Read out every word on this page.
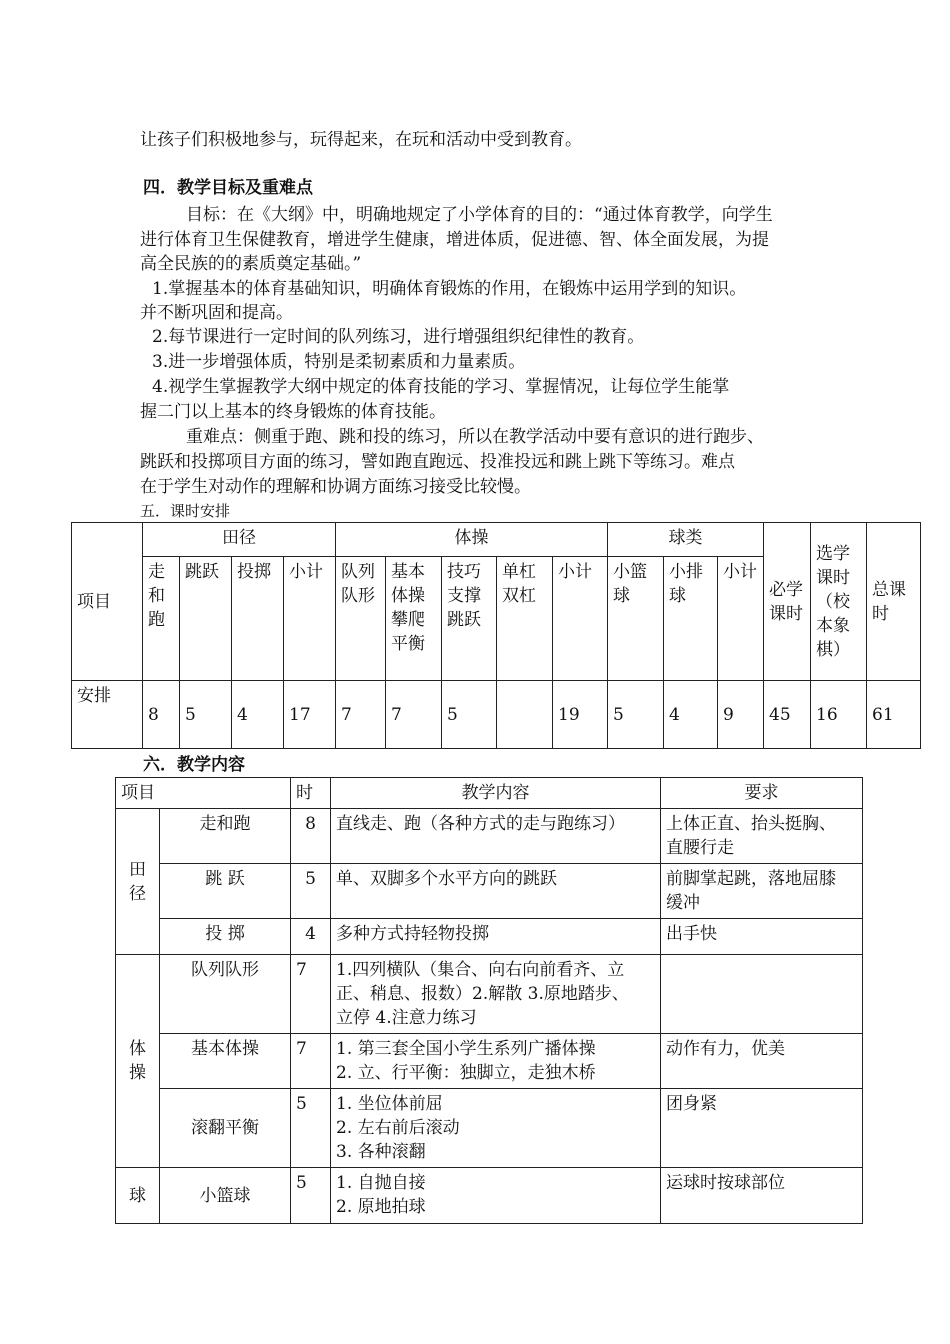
让孩子们积极地参与，玩得起来，在玩和活动中受到教育。

四．教学目标及重难点

目标：在《大纲》中，明确地规定了小学体育的目的：“通过体育教学，向学生

进行体育卫生保健教育，增进学生健康，增进体质，促进德、智、体全面发展，为提

高全民族的的素质奠定基础。”

1.掌握基本的体育基础知识，明确体育锻炼的作用，在锻炼中运用学到的知识。

并不断巩固和提高。

2.每节课进行一定时间的队列练习，进行增强组织纪律性的教育。

3.进一步增强体质，特别是柔韧素质和力量素质。

4.视学生掌握教学大纲中规定的体育技能的学习、掌握情况，让每位学生能掌

握二门以上基本的终身锻炼的体育技能。

重难点：侧重于跑、跳和投的练习，所以在教学活动中要有意识的进行跑步、

跳跃和投掷项目方面的练习，譬如跑直跑远、投准投远和跳上跳下等练习。难点

在于学生对动作的理解和协调方面练习接受比较慢。

五．课时安排

项目	田径				体操					球类			必学课时	选学课时（校本象棋）	总课时
	走和跑	跳跃	投掷	小计	队列队形	基本体操攀爬平衡	技巧支撑跳跃	单杠双杠	小计	小篮球	小排球	小计			
安排	8	5	4	17	7	7	5		19	5	4	9	45	16	61

六．教学内容

项目		时	教学内容	要求
田径	走和跑	8	直线走、跑（各种方式的走与跑练习）	上体正直、抬头挺胸、
直腰行走

	跳 跃	5	单、双脚多个水平方向的跳跃	前脚掌起跳，落地屈膝
缓冲

	投 掷	4	多种方式持轻物投掷	出手快

体操	队列队形	7	1.四列横队（集合、向右向前看齐、立
正、稍息、报数）2.解散 3.原地踏步、
立停 4.注意力练习	

	基本体操	7	1. 第三套全国小学生系列广播体操
2. 立、行平衡：独脚立，走独木桥	动作有力，优美

	滚翻平衡	5	1. 坐位体前屈
2. 左右前后滚动
3. 各种滚翻	团身紧

球	小篮球	5	1. 自抛自接
2. 原地拍球	运球时按球部位
